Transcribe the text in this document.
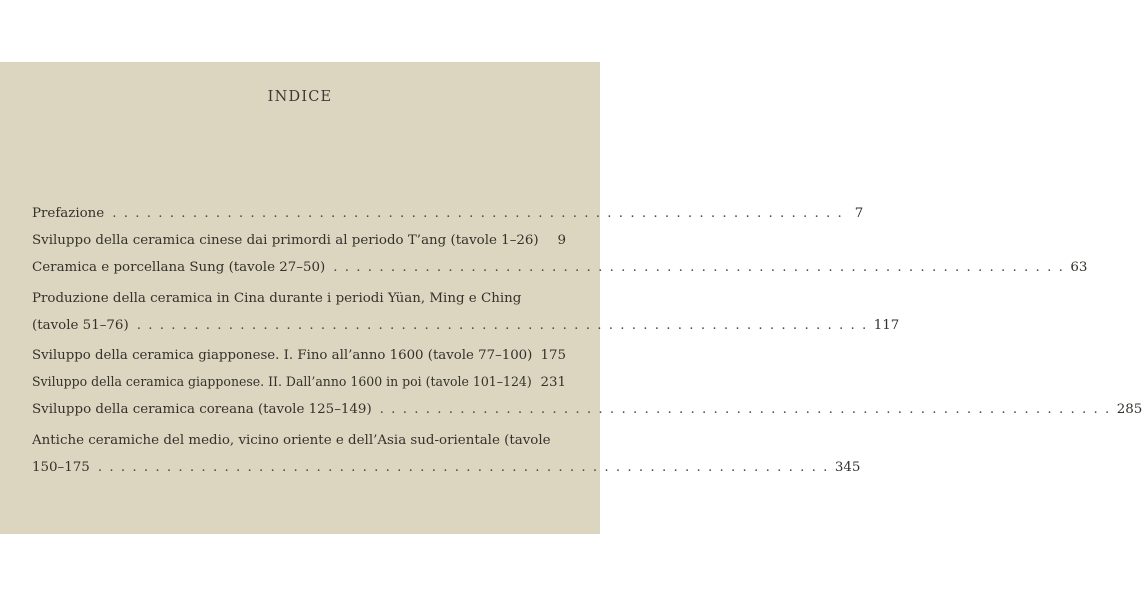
INDICE
Prefazione . . . . . . . . . . . . . . . . . . . . . . . . . . . . . . . . . . . . . . . . . . . . . . . . . . . . . . . . . . . . . . . . 7
Sviluppo della ceramica cinese dai primordi al periodo T’ang (tavole 1–26)	9
Ceramica e porcellana Sung (tavole 27–50) . . . . . . . . . . . . . . . . . . . . . . . . . . . . . . . . . . . . . . . . . . . . . . . . . . . . . . . . . . . . . . . . 63
Produzione della ceramica in Cina durante i periodi Yüan, Ming e Ching
(tavole 51–76) . . . . . . . . . . . . . . . . . . . . . . . . . . . . . . . . . . . . . . . . . . . . . . . . . . . . . . . . . . . . . . . . 117
Sviluppo della ceramica giapponese. I. Fino all’anno 1600 (tavole 77–100) 175
Sviluppo della ceramica giapponese. II. Dall’anno 1600 in poi (tavole 101–124) 231
Sviluppo della ceramica coreana (tavole 125–149) . . . . . . . . . . . . . . . . . . . . . . . . . . . . . . . . . . . . . . . . . . . . . . . . . . . . . . . . . . . . . . . . 285
Antiche ceramiche del medio, vicino oriente e dell’Asia sud-orientale (tavole
150–175 . . . . . . . . . . . . . . . . . . . . . . . . . . . . . . . . . . . . . . . . . . . . . . . . . . . . . . . . . . . . . . . . 345
